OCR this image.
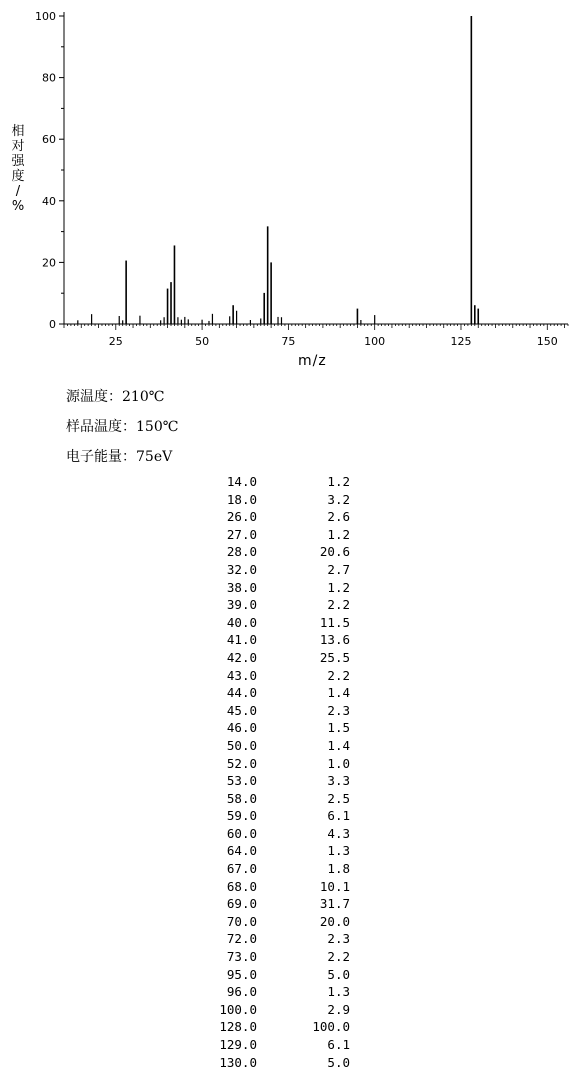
0
20
40
60
80
100
25	50	75	100	125	150
相
对
强
度
/
%
m/z
源温度：210℃
样品温度：150℃
电子能量：75eV
14.0	1.2
18.0	3.2
26.0	2.6
27.0	1.2
28.0	20.6
32.0	2.7
38.0	1.2
39.0	2.2
40.0	11.5
41.0	13.6
42.0	25.5
43.0	2.2
44.0	1.4
45.0	2.3
46.0	1.5
50.0	1.4
52.0	1.0
53.0	3.3
58.0	2.5
59.0	6.1
60.0	4.3
64.0	1.3
67.0	1.8
68.0	10.1
69.0	31.7
70.0	20.0
72.0	2.3
73.0	2.2
95.0	5.0
96.0	1.3
100.0	2.9
128.0	100.0
129.0	6.1
130.0	5.0
